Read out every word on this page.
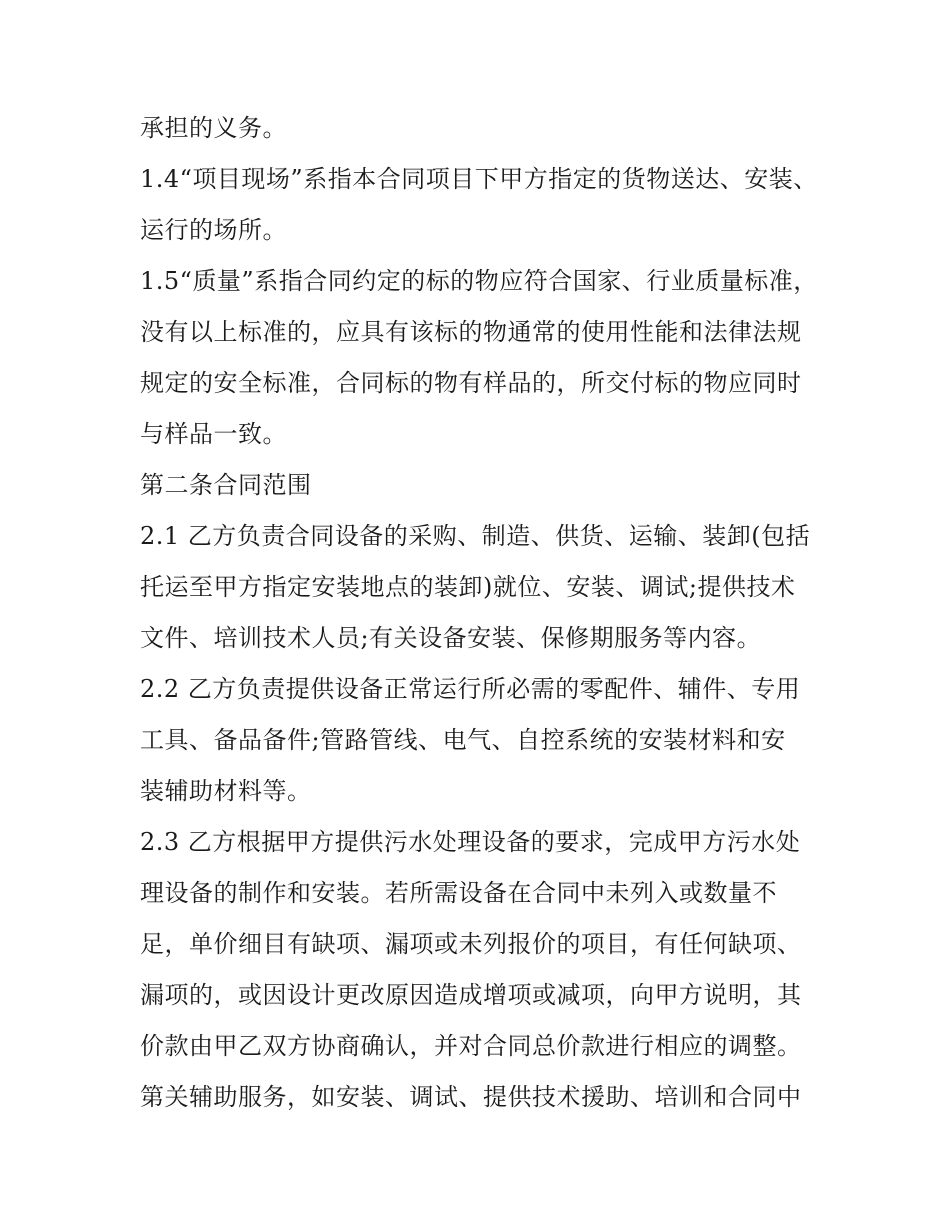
承担的义务。
1.4“项目现场”系指本合同项目下甲方指定的货物送达、安装、
运行的场所。
1.5“质量”系指合同约定的标的物应符合国家、行业质量标准，
没有以上标准的，应具有该标的物通常的使用性能和法律法规
规定的安全标准，合同标的物有样品的，所交付标的物应同时
与样品一致。
第二条合同范围
2.1 乙方负责合同设备的采购、制造、供货、运输、装卸(包括
托运至甲方指定安装地点的装卸)就位、安装、调试;提供技术
文件、培训技术人员;有关设备安装、保修期服务等内容。
2.2 乙方负责提供设备正常运行所必需的零配件、辅件、专用
工具、备品备件;管路管线、电气、自控系统的安装材料和安
装辅助材料等。
2.3 乙方根据甲方提供污水处理设备的要求，完成甲方污水处
理设备的制作和安装。若所需设备在合同中未列入或数量不
足，单价细目有缺项、漏项或未列报价的项目，有任何缺项、
漏项的，或因设计更改原因造成增项或减项，向甲方说明，其
价款由甲乙双方协商确认，并对合同总价款进行相应的调整。
第关辅助服务，如安装、调试、提供技术援助、培训和合同中
